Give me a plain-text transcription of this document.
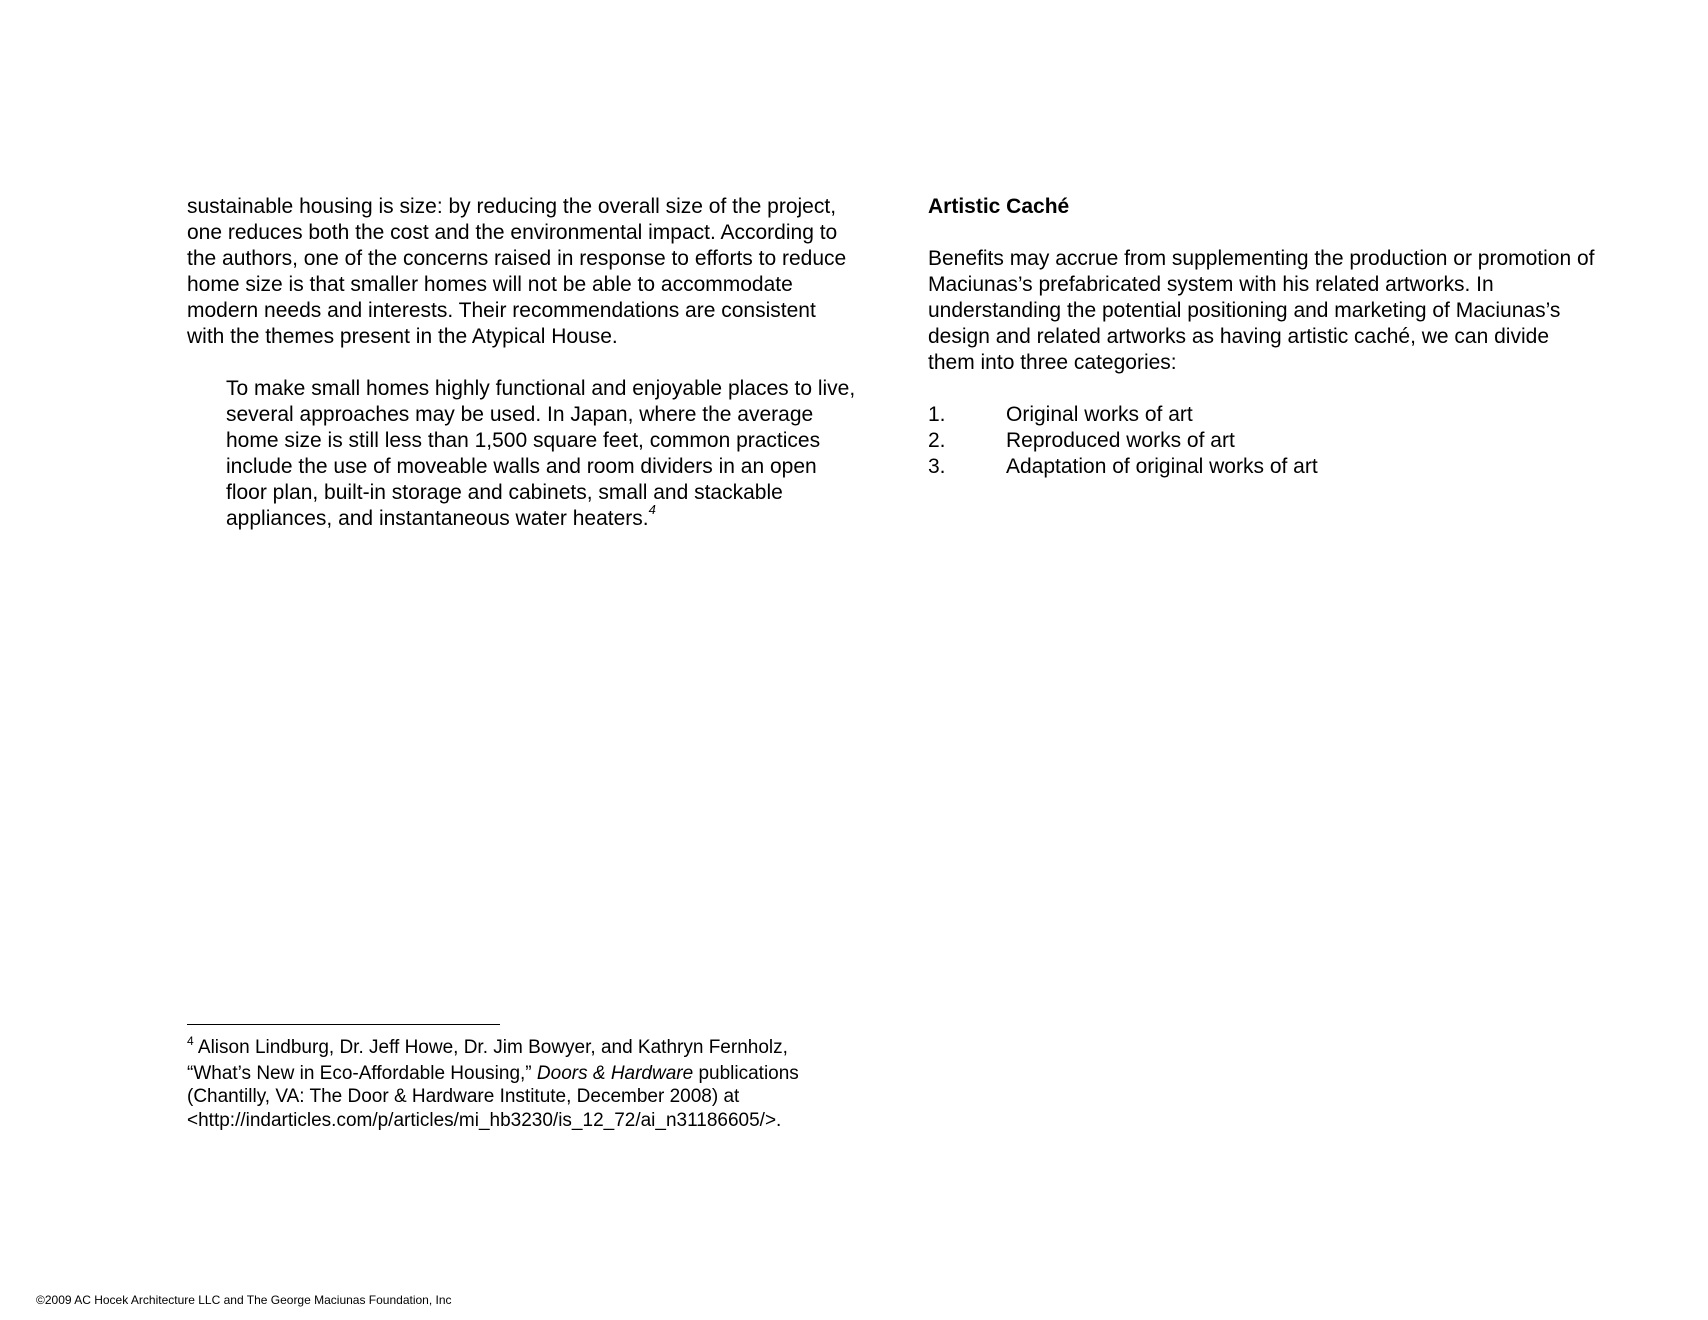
sustainable housing is size: by reducing the overall size of the project, one reduces both the cost and the environmental impact. According to the authors, one of the concerns raised in response to efforts to reduce home size is that smaller homes will not be able to accommodate modern needs and interests. Their recommendations are consistent with the themes present in the Atypical House.

To make small homes highly functional and enjoyable places to live, several approaches may be used. In Japan, where the average home size is still less than 1,500 square feet, common practices include the use of moveable walls and room dividers in an open floor plan, built-in storage and cabinets, small and stackable appliances, and instantaneous water heaters.$^4$

Artistic Caché

Benefits may accrue from supplementing the production or promotion of Maciunas’s prefabricated system with his related artworks. In understanding the potential positioning and marketing of Maciunas’s design and related artworks as having artistic caché, we can divide them into three categories:

1.	Original works of art
2.	Reproduced works of art
3.	Adaptation of original works of art

$^4$ Alison Lindburg, Dr. Jeff Howe, Dr. Jim Bowyer, and Kathryn Fernholz, “What’s New in Eco-Affordable Housing,” Doors & Hardware publications (Chantilly, VA: The Door & Hardware Institute, December 2008) at <http://indarticles.com/p/articles/mi_hb3230/is_12_72/ai_n31186605/>.

©2009 AC Hocek Architecture LLC and The George Maciunas Foundation, Inc
